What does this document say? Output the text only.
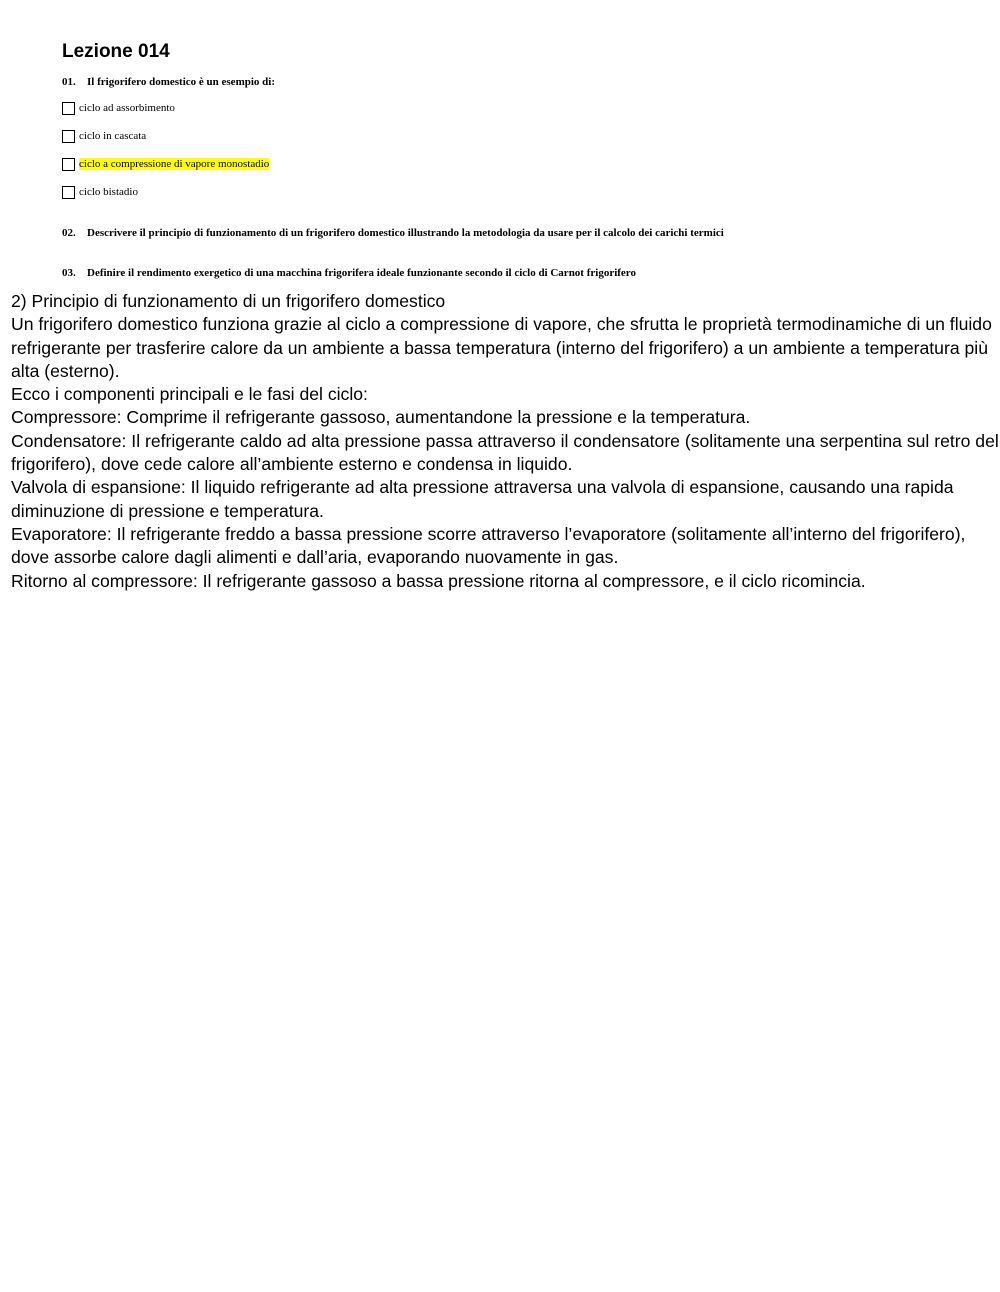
Lezione 014
01. Il frigorifero domestico è un esempio di:
ciclo ad assorbimento
ciclo in cascata
ciclo a compressione di vapore monostadio
ciclo bistadio
02. Descrivere il principio di funzionamento di un frigorifero domestico illustrando la metodologia da usare per il calcolo dei carichi termici
03. Definire il rendimento exergetico di una macchina frigorifera ideale funzionante secondo il ciclo di Carnot frigorifero

2) Principio di funzionamento di un frigorifero domestico

Un frigorifero domestico funziona grazie al ciclo a compressione di vapore, che sfrutta le proprietà termodinamiche di un fluido refrigerante per trasferire calore da un ambiente a bassa temperatura (interno del frigorifero) a un ambiente a temperatura più alta (esterno).

Ecco i componenti principali e le fasi del ciclo:

Compressore: Comprime il refrigerante gassoso, aumentandone la pressione e la temperatura.

Condensatore: Il refrigerante caldo ad alta pressione passa attraverso il condensatore (solitamente una serpentina sul retro del frigorifero), dove cede calore all’ambiente esterno e condensa in liquido.

Valvola di espansione: Il liquido refrigerante ad alta pressione attraversa una valvola di espansione, causando una rapida diminuzione di pressione e temperatura.

Evaporatore: Il refrigerante freddo a bassa pressione scorre attraverso l’evaporatore (solitamente all’interno del frigorifero), dove assorbe calore dagli alimenti e dall’aria, evaporando nuovamente in gas.

Ritorno al compressore: Il refrigerante gassoso a bassa pressione ritorna al compressore, e il ciclo ricomincia.
